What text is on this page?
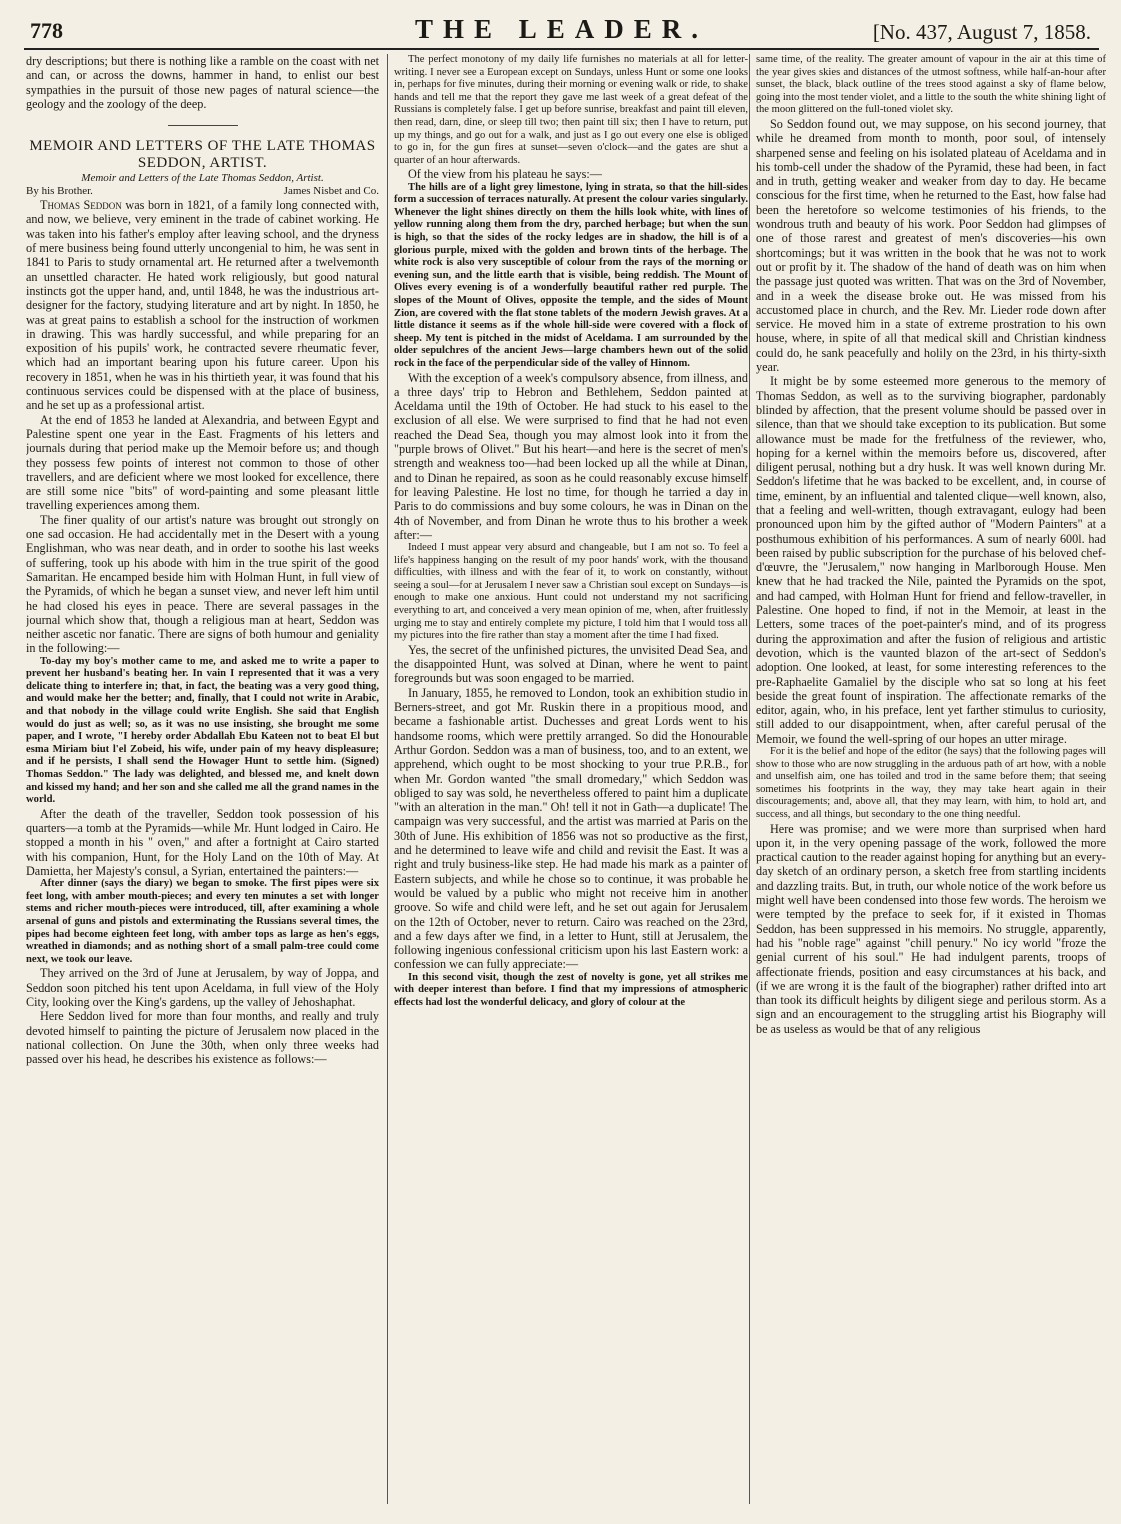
778	THE LEADER.	[No. 437, August 7, 1858.

dry descriptions; but there is nothing like a ramble on the coast with net and can, or across the downs, hammer in hand, to enlist our best sympathies in the pursuit of those new pages of natural science—the geology and the zoology of the deep.

MEMOIR AND LETTERS OF THE LATE THOMAS SEDDON, ARTIST.
Memoir and Letters of the Late Thomas Seddon, Artist.
By his Brother.	James Nisbet and Co.

Thomas Seddon was born in 1821, of a family long connected with, and now, we believe, very eminent in the trade of cabinet working. He was taken into his father's employ after leaving school, and the dryness of mere business being found utterly uncongenial to him, he was sent in 1841 to Paris to study ornamental art. He returned after a twelvemonth an unsettled character. He hated work religiously, but good natural instincts got the upper hand, and, until 1848, he was the industrious art-designer for the factory, studying literature and art by night. In 1850, he was at great pains to establish a school for the instruction of workmen in drawing. This was hardly successful, and while preparing for an exposition of his pupils' work, he contracted severe rheumatic fever, which had an important bearing upon his future career. Upon his recovery in 1851, when he was in his thirtieth year, it was found that his continuous services could be dispensed with at the place of business, and he set up as a professional artist.

At the end of 1853 he landed at Alexandria, and between Egypt and Palestine spent one year in the East. Fragments of his letters and journals during that period make up the Memoir before us; and though they possess few points of interest not common to those of other travellers, and are deficient where we most looked for excellence, there are still some nice "bits" of word-painting and some pleasant little travelling experiences among them.

The finer quality of our artist's nature was brought out strongly on one sad occasion. He had accidentally met in the Desert with a young Englishman, who was near death, and in order to soothe his last weeks of suffering, took up his abode with him in the true spirit of the good Samaritan. He encamped beside him with Holman Hunt, in full view of the Pyramids, of which he began a sunset view, and never left him until he had closed his eyes in peace. There are several passages in the journal which show that, though a religious man at heart, Seddon was neither ascetic nor fanatic. There are signs of both humour and geniality in the following:—

To-day my boy's mother came to me, and asked me to write a paper to prevent her husband's beating her. In vain I represented that it was a very delicate thing to interfere in; that, in fact, the beating was a very good thing, and would make her the better; and, finally, that I could not write in Arabic, and that nobody in the village could write English. She said that English would do just as well; so, as it was no use insisting, she brought me some paper, and I wrote, "I hereby order Abdallah Ebu Kateen not to beat El but esma Miriam biut l'el Zobeid, his wife, under pain of my heavy displeasure; and if he persists, I shall send the Howager Hunt to settle him. (Signed) Thomas Seddon." The lady was delighted, and blessed me, and knelt down and kissed my hand; and her son and she called me all the grand names in the world.

After the death of the traveller, Seddon took possession of his quarters—a tomb at the Pyramids—while Mr. Hunt lodged in Cairo. He stopped a month in his " oven," and after a fortnight at Cairo started with his companion, Hunt, for the Holy Land on the 10th of May. At Damietta, her Majesty's consul, a Syrian, entertained the painters:—

After dinner (says the diary) we began to smoke. The first pipes were six feet long, with amber mouth-pieces; and every ten minutes a set with longer stems and richer mouth-pieces were introduced, till, after examining a whole arsenal of guns and pistols and exterminating the Russians several times, the pipes had become eighteen feet long, with amber tops as large as hen's eggs, wreathed in diamonds; and as nothing short of a small palm-tree could come next, we took our leave.

They arrived on the 3rd of June at Jerusalem, by way of Joppa, and Seddon soon pitched his tent upon Aceldama, in full view of the Holy City, looking over the King's gardens, up the valley of Jehoshaphat.

Here Seddon lived for more than four months, and really and truly devoted himself to painting the picture of Jerusalem now placed in the national collection. On June the 30th, when only three weeks had passed over his head, he describes his existence as follows:—

The perfect monotony of my daily life furnishes no materials at all for letter-writing. I never see a European except on Sundays, unless Hunt or some one looks in, perhaps for five minutes, during their morning or evening walk or ride, to shake hands and tell me that the report they gave me last week of a great defeat of the Russians is completely false. I get up before sunrise, breakfast and paint till eleven, then read, darn, dine, or sleep till two; then paint till six; then I have to return, put up my things, and go out for a walk, and just as I go out every one else is obliged to go in, for the gun fires at sunset—seven o'clock—and the gates are shut a quarter of an hour afterwards.

Of the view from his plateau he says:—

The hills are of a light grey limestone, lying in strata, so that the hill-sides form a succession of terraces naturally. At present the colour varies singularly. Whenever the light shines directly on them the hills look white, with lines of yellow running along them from the dry, parched herbage; but when the sun is high, so that the sides of the rocky ledges are in shadow, the hill is of a glorious purple, mixed with the golden and brown tints of the herbage. The white rock is also very susceptible of colour from the rays of the morning or evening sun, and the little earth that is visible, being reddish. The Mount of Olives every evening is of a wonderfully beautiful rather red purple. The slopes of the Mount of Olives, opposite the temple, and the sides of Mount Zion, are covered with the flat stone tablets of the modern Jewish graves. At a little distance it seems as if the whole hill-side were covered with a flock of sheep. My tent is pitched in the midst of Aceldama. I am surrounded by the older sepulchres of the ancient Jews—large chambers hewn out of the solid rock in the face of the perpendicular side of the valley of Hinnom.

With the exception of a week's compulsory absence, from illness, and a three days' trip to Hebron and Bethlehem, Seddon painted at Aceldama until the 19th of October. He had stuck to his easel to the exclusion of all else. We were surprised to find that he had not even reached the Dead Sea, though you may almost look into it from the "purple brows of Olivet." But his heart—and here is the secret of men's strength and weakness too—had been locked up all the while at Dinan, and to Dinan he repaired, as soon as he could reasonably excuse himself for leaving Palestine. He lost no time, for though he tarried a day in Paris to do commissions and buy some colours, he was in Dinan on the 4th of November, and from Dinan he wrote thus to his brother a week after:—

Indeed I must appear very absurd and changeable, but I am not so. To feel a life's happiness hanging on the result of my poor hands' work, with the thousand difficulties, with illness and with the fear of it, to work on constantly, without seeing a soul—for at Jerusalem I never saw a Christian soul except on Sundays—is enough to make one anxious. Hunt could not understand my not sacrificing everything to art, and conceived a very mean opinion of me, when, after fruitlessly urging me to stay and entirely complete my picture, I told him that I would toss all my pictures into the fire rather than stay a moment after the time I had fixed.

Yes, the secret of the unfinished pictures, the unvisited Dead Sea, and the disappointed Hunt, was solved at Dinan, where he went to paint foregrounds but was soon engaged to be married.

In January, 1855, he removed to London, took an exhibition studio in Berners-street, and got Mr. Ruskin there in a propitious mood, and became a fashionable artist. Duchesses and great Lords went to his handsome rooms, which were prettily arranged. So did the Honourable Arthur Gordon. Seddon was a man of business, too, and to an extent, we apprehend, which ought to be most shocking to your true P.R.B., for when Mr. Gordon wanted "the small dromedary," which Seddon was obliged to say was sold, he nevertheless offered to paint him a duplicate "with an alteration in the man." Oh! tell it not in Gath—a duplicate! The campaign was very successful, and the artist was married at Paris on the 30th of June. His exhibition of 1856 was not so productive as the first, and he determined to leave wife and child and revisit the East. It was a right and truly business-like step. He had made his mark as a painter of Eastern subjects, and while he chose so to continue, it was probable he would be valued by a public who might not receive him in another groove. So wife and child were left, and he set out again for Jerusalem on the 12th of October, never to return. Cairo was reached on the 23rd, and a few days after we find, in a letter to Hunt, still at Jerusalem, the following ingenious confessional criticism upon his last Eastern work: a confession we can fully appreciate:—

In this second visit, though the zest of novelty is gone, yet all strikes me with deeper interest than before. I find that my impressions of atmospheric effects had lost the wonderful delicacy, and glory of colour at the

same time, of the reality. The greater amount of vapour in the air at this time of the year gives skies and distances of the utmost softness, while half-an-hour after sunset, the black, black outline of the trees stood against a sky of flame below, going into the most tender violet, and a little to the south the white shining light of the moon glittered on the full-toned violet sky.

So Seddon found out, we may suppose, on his second journey, that while he dreamed from month to month, poor soul, of intensely sharpened sense and feeling on his isolated plateau of Aceldama and in his tomb-cell under the shadow of the Pyramid, these had been, in fact and in truth, getting weaker and weaker from day to day. He became conscious for the first time, when he returned to the East, how false had been the heretofore so welcome testimonies of his friends, to the wondrous truth and beauty of his work. Poor Seddon had glimpses of one of those rarest and greatest of men's discoveries—his own shortcomings; but it was written in the book that he was not to work out or profit by it. The shadow of the hand of death was on him when the passage just quoted was written. That was on the 3rd of November, and in a week the disease broke out. He was missed from his accustomed place in church, and the Rev. Mr. Lieder rode down after service. He moved him in a state of extreme prostration to his own house, where, in spite of all that medical skill and Christian kindness could do, he sank peacefully and holily on the 23rd, in his thirty-sixth year.

It might be by some esteemed more generous to the memory of Thomas Seddon, as well as to the surviving biographer, pardonably blinded by affection, that the present volume should be passed over in silence, than that we should take exception to its publication. But some allowance must be made for the fretfulness of the reviewer, who, hoping for a kernel within the memoirs before us, discovered, after diligent perusal, nothing but a dry husk. It was well known during Mr. Seddon's lifetime that he was backed to be excellent, and, in course of time, eminent, by an influential and talented clique—well known, also, that a feeling and well-written, though extravagant, eulogy had been pronounced upon him by the gifted author of "Modern Painters" at a posthumous exhibition of his performances. A sum of nearly 600l. had been raised by public subscription for the purchase of his beloved chef-d'œuvre, the "Jerusalem," now hanging in Marlborough House. Men knew that he had tracked the Nile, painted the Pyramids on the spot, and had camped, with Holman Hunt for friend and fellow-traveller, in Palestine. One hoped to find, if not in the Memoir, at least in the Letters, some traces of the poet-painter's mind, and of its progress during the approximation and after the fusion of religious and artistic devotion, which is the vaunted blazon of the art-sect of Seddon's adoption. One looked, at least, for some interesting references to the pre-Raphaelite Gamaliel by the disciple who sat so long at his feet beside the great fount of inspiration. The affectionate remarks of the editor, again, who, in his preface, lent yet farther stimulus to curiosity, still added to our disappointment, when, after careful perusal of the Memoir, we found the well-spring of our hopes an utter mirage.

For it is the belief and hope of the editor (he says) that the following pages will show to those who are now struggling in the arduous path of art how, with a noble and unselfish aim, one has toiled and trod in the same before them; that seeing sometimes his footprints in the way, they may take heart again in their discouragements; and, above all, that they may learn, with him, to hold art, and success, and all things, but secondary to the one thing needful.

Here was promise; and we were more than surprised when hard upon it, in the very opening passage of the work, followed the more practical caution to the reader against hoping for anything but an every-day sketch of an ordinary person, a sketch free from startling incidents and dazzling traits. But, in truth, our whole notice of the work before us might well have been condensed into those few words. The heroism we were tempted by the preface to seek for, if it existed in Thomas Seddon, has been suppressed in his memoirs. No struggle, apparently, had his "noble rage" against "chill penury." No icy world "froze the genial current of his soul." He had indulgent parents, troops of affectionate friends, position and easy circumstances at his back, and (if we are wrong it is the fault of the biographer) rather drifted into art than took its difficult heights by diligent siege and perilous storm. As a sign and an encouragement to the struggling artist his Biography will be as useless as would be that of any religious
